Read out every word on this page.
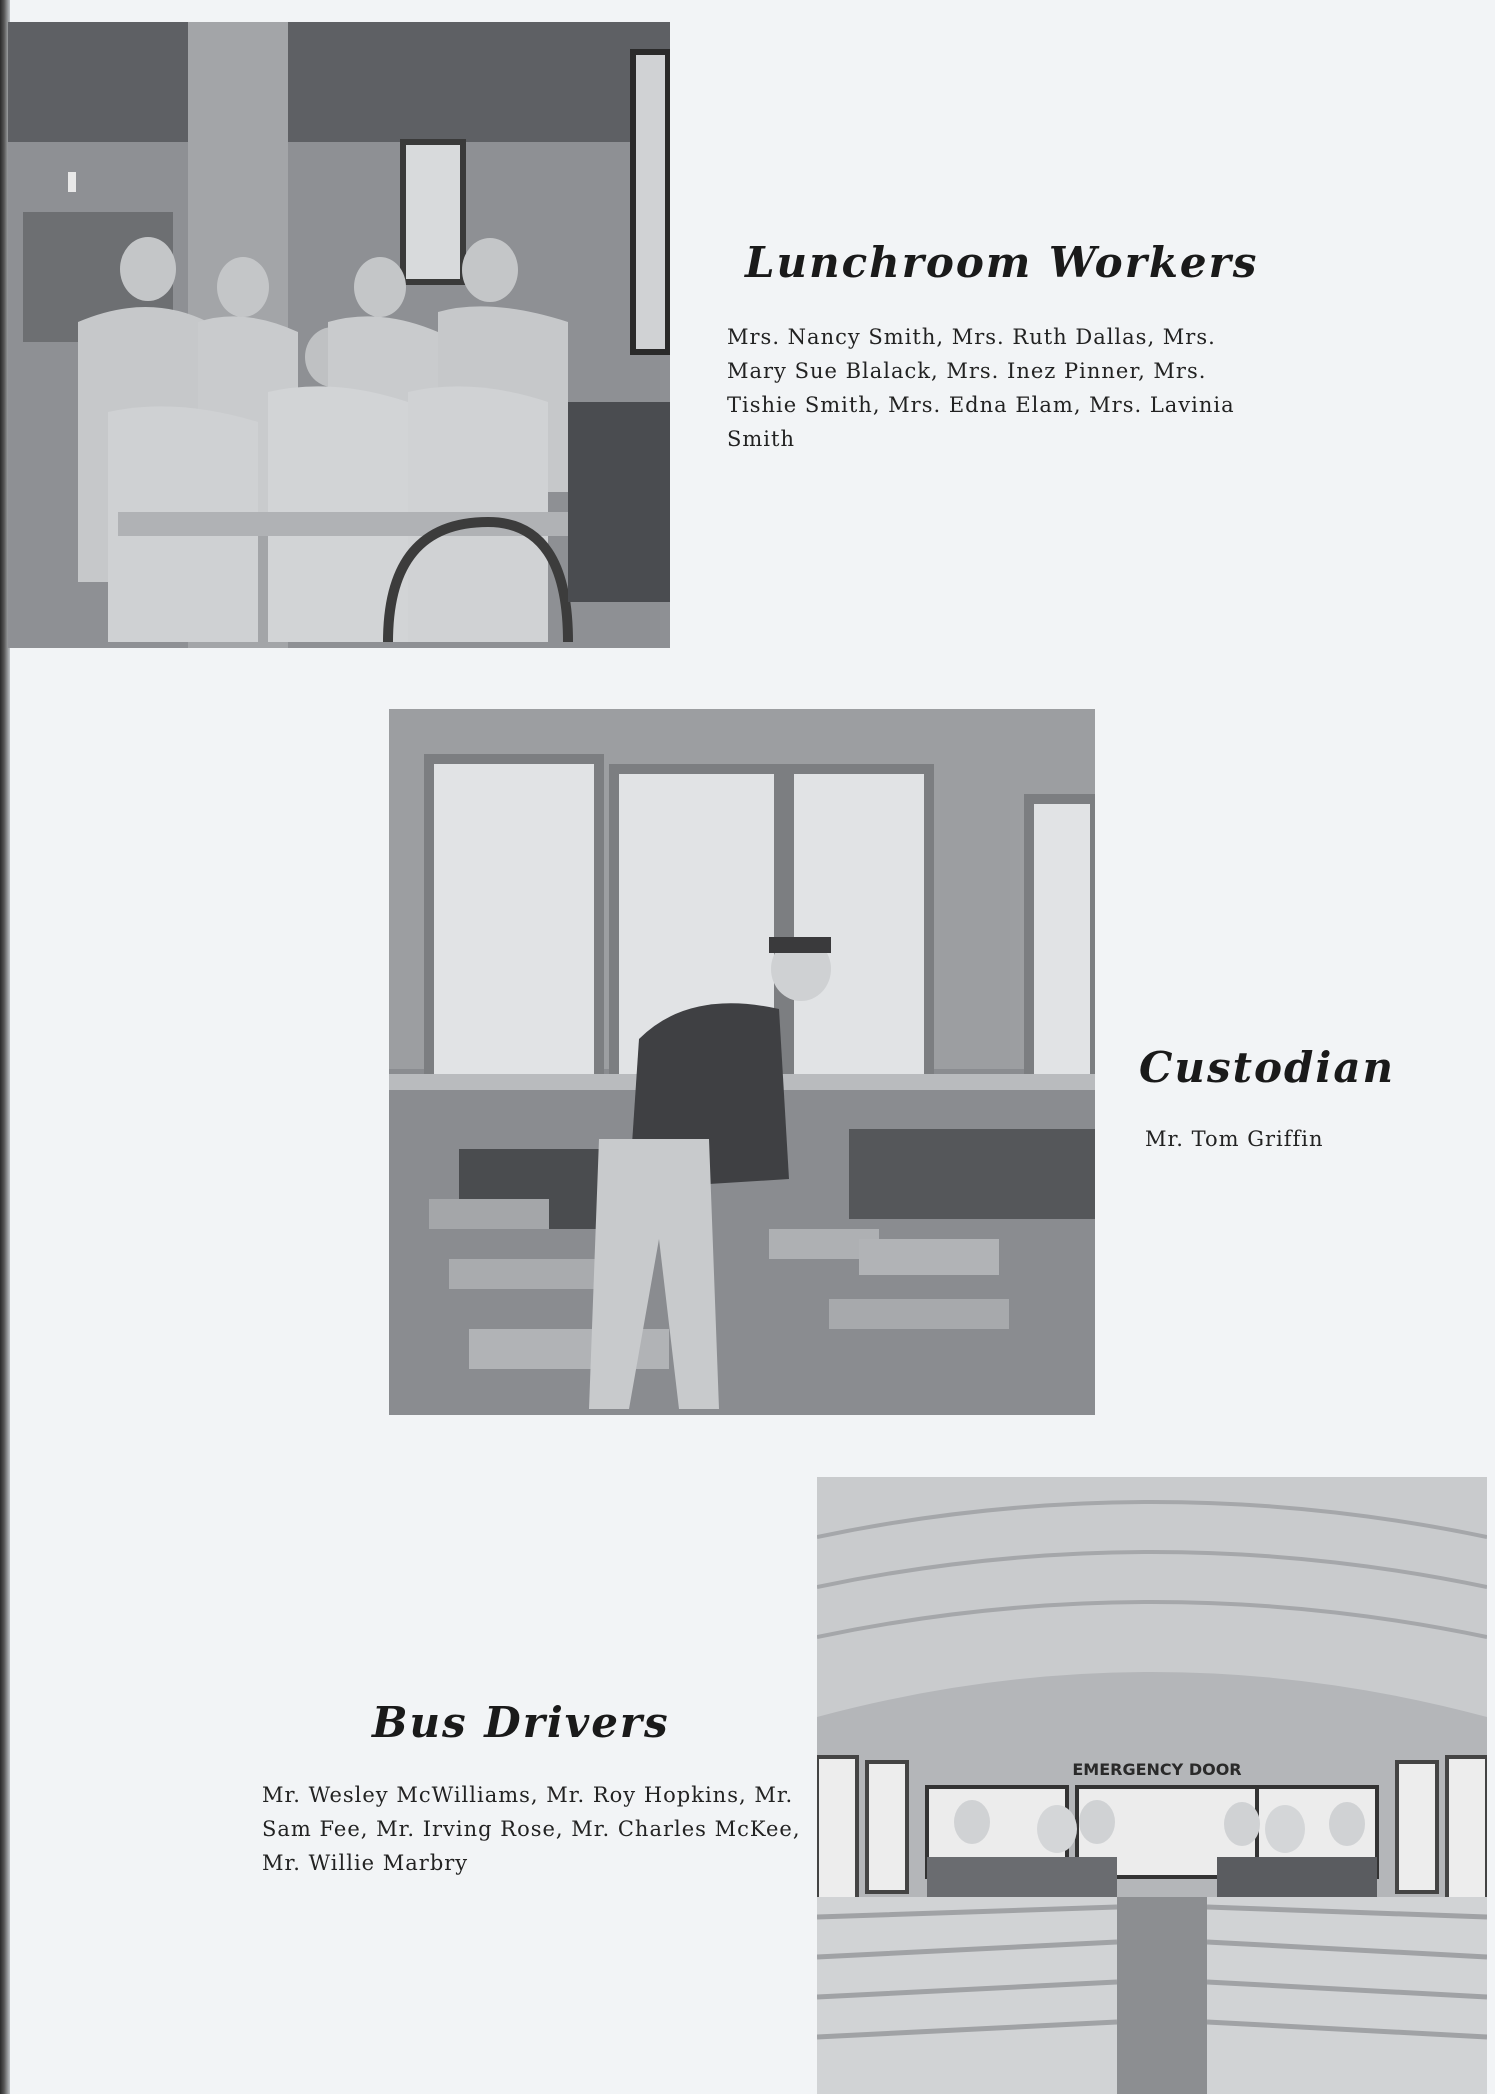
Lunchroom Workers

Mrs. Nancy Smith, Mrs. Ruth Dallas, Mrs. Mary Sue Blalack, Mrs. Inez Pinner, Mrs. Tishie Smith, Mrs. Edna Elam, Mrs. Lavinia Smith

Custodian

Mr. Tom Griffin

EMERGENCY DOOR
Bus Drivers

Mr. Wesley McWilliams, Mr. Roy Hopkins, Mr. Sam Fee, Mr. Irving Rose, Mr. Charles McKee, Mr. Willie Marbry
